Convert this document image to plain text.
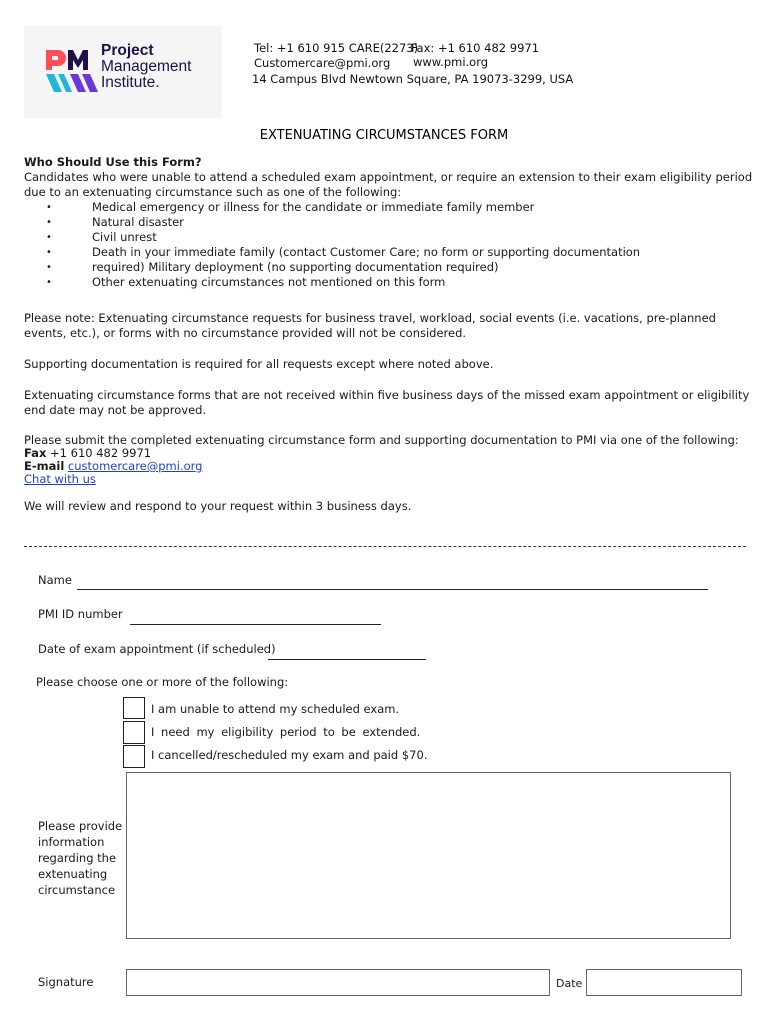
Project
Management
Institute.
Tel: +1 610 915 CARE(2273)
Fax: +1 610 482 9971
Customercare@pmi.org www.pmi.org
14 Campus Blvd Newtown Square, PA 19073-3299, USA
EXTENUATING CIRCUMSTANCES FORM

Who Should Use this Form?

Candidates who were unable to attend a scheduled exam appointment, or require an extension to their exam eligibility period due to an extenuating circumstance such as one of the following:

• Medical emergency or illness for the candidate or immediate family member
• Natural disaster
• Civil unrest
• Death in your immediate family (contact Customer Care; no form or supporting documentation
• required) Military deployment (no supporting documentation required)
• Other extenuating circumstances not mentioned on this form
Please note: Extenuating circumstance requests for business travel, workload, social events (i.e. vacations, pre-planned events, etc.), or forms with no circumstance provided will not be considered.
Supporting documentation is required for all requests except where noted above.
Extenuating circumstance forms that are not received within five business days of the missed exam appointment or eligibility end date may not be approved.

Please submit the completed extenuating circumstance form and supporting documentation to PMI via one of the following:

Fax +1 610 482 9971

E-mail customercare@pmi.org

Chat with us

We will review and respond to your request within 3 business days.
Name
PMI ID number
Date of exam appointment (if scheduled)
Please choose one or more of the following:
I am unable to attend my scheduled exam.
I need my eligibility period to be extended.
I cancelled/rescheduled my exam and paid $70.
Please provide information regarding the extenuating circumstance
Signature	Date
